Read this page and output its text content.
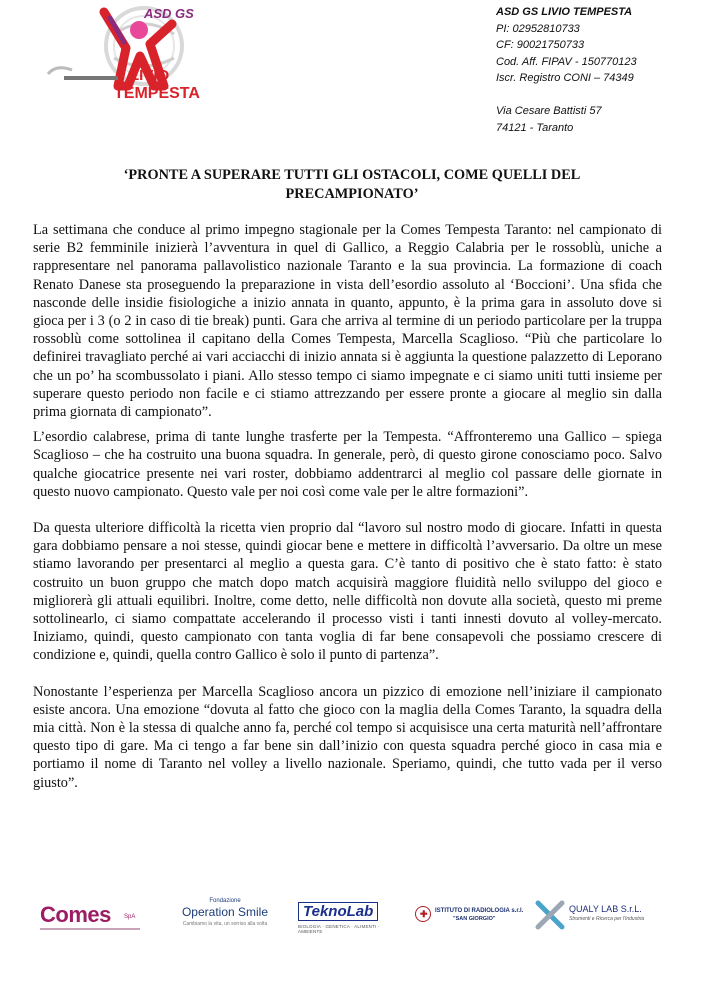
ASD GS
LIVIO
TEMPESTA
ASD GS LIVIO TEMPESTA
PI: 02952810733
CF: 90021750733
Cod. Aff. FIPAV - 150770123
Iscr. Registro CONI – 74349
Via Cesare Battisti 57
74121 - Taranto
‘PRONTE A SUPERARE TUTTI GLI OSTACOLI, COME QUELLI DEL PRECAMPIONATO’

La settimana che conduce al primo impegno stagionale per la Comes Tempesta Taranto: nel campionato di serie B2 femminile inizierà l’avventura in quel di Gallico, a Reggio Calabria per le rossoblù, uniche a rappresentare nel panorama pallavolistico nazionale Taranto e la sua provincia. La formazione di coach Renato Danese sta proseguendo la preparazione in vista dell’esordio assoluto al ‘Boccioni’. Una sfida che nasconde delle insidie fisiologiche a inizio annata in quanto, appunto, è la prima gara in assoluto dove si gioca per i 3 (o 2 in caso di tie break) punti. Gara che arriva al termine di un periodo particolare per la truppa rossoblù come sottolinea il capitano della Comes Tempesta, Marcella Scaglioso. “Più che particolare lo definirei travagliato perché ai vari acciacchi di inizio annata si è aggiunta la questione palazzetto di Leporano che un po’ ha scombussolato i piani. Allo stesso tempo ci siamo impegnate e ci siamo uniti tutti insieme per superare questo periodo non facile e ci stiamo attrezzando per essere pronte a giocare al meglio sin dalla prima giornata di campionato”.

L’esordio calabrese, prima di tante lunghe trasferte per la Tempesta. “Affronteremo una Gallico – spiega Scaglioso – che ha costruito una buona squadra. In generale, però, di questo girone conosciamo poco. Salvo qualche giocatrice presente nei vari roster, dobbiamo addentrarci al meglio col passare delle giornate in questo nuovo campionato. Questo vale per noi così come vale per le altre formazioni”.

Da questa ulteriore difficoltà la ricetta vien proprio dal “lavoro sul nostro modo di giocare. Infatti in questa gara dobbiamo pensare a noi stesse, quindi giocar bene e mettere in difficoltà l’avversario. Da oltre un mese stiamo lavorando per presentarci al meglio a questa gara. C’è tanto di positivo che è stato fatto: è stato costruito un buon gruppo che match dopo match acquisirà maggiore fluidità nello sviluppo del gioco e migliorerà gli attuali equilibri. Inoltre, come detto, nelle difficoltà non dovute alla società, questo mi preme sottolinearlo, ci siamo compattate accelerando il processo visti i tanti innesti dovuto al volley-mercato. Iniziamo, quindi, questo campionato con tanta voglia di far bene consapevoli che possiamo crescere di condizione e, quindi, quella contro Gallico è solo il punto di partenza”.

Nonostante l’esperienza per Marcella Scaglioso ancora un pizzico di emozione nell’iniziare il campionato esiste ancora. Una emozione “dovuta al fatto che gioco con la maglia della Comes Taranto, la squadra della mia città. Non è la stessa di qualche anno fa, perché col tempo si acquisisce una certa maturità nell’affrontare questo tipo di gare. Ma ci tengo a far bene sin dall’inizio con questa squadra perché gioco in casa mia e portiamo il nome di Taranto nel volley a livello nazionale. Speriamo, quindi, che tutto vada per il verso giusto”.

Comes SpA
Fondazione
Operation Smile
Cambiamo la vita, un sorriso alla volta
TeknoLab
BIOLOGIA · GENETICA · ALIMENTI · AMBIENTE
✚ ISTITUTO DI RADIOLOGIA s.r.l.
"SAN GIORGIO"
QUALY LAB S.r.L.
Strumenti e Ricerca per l'Industria
